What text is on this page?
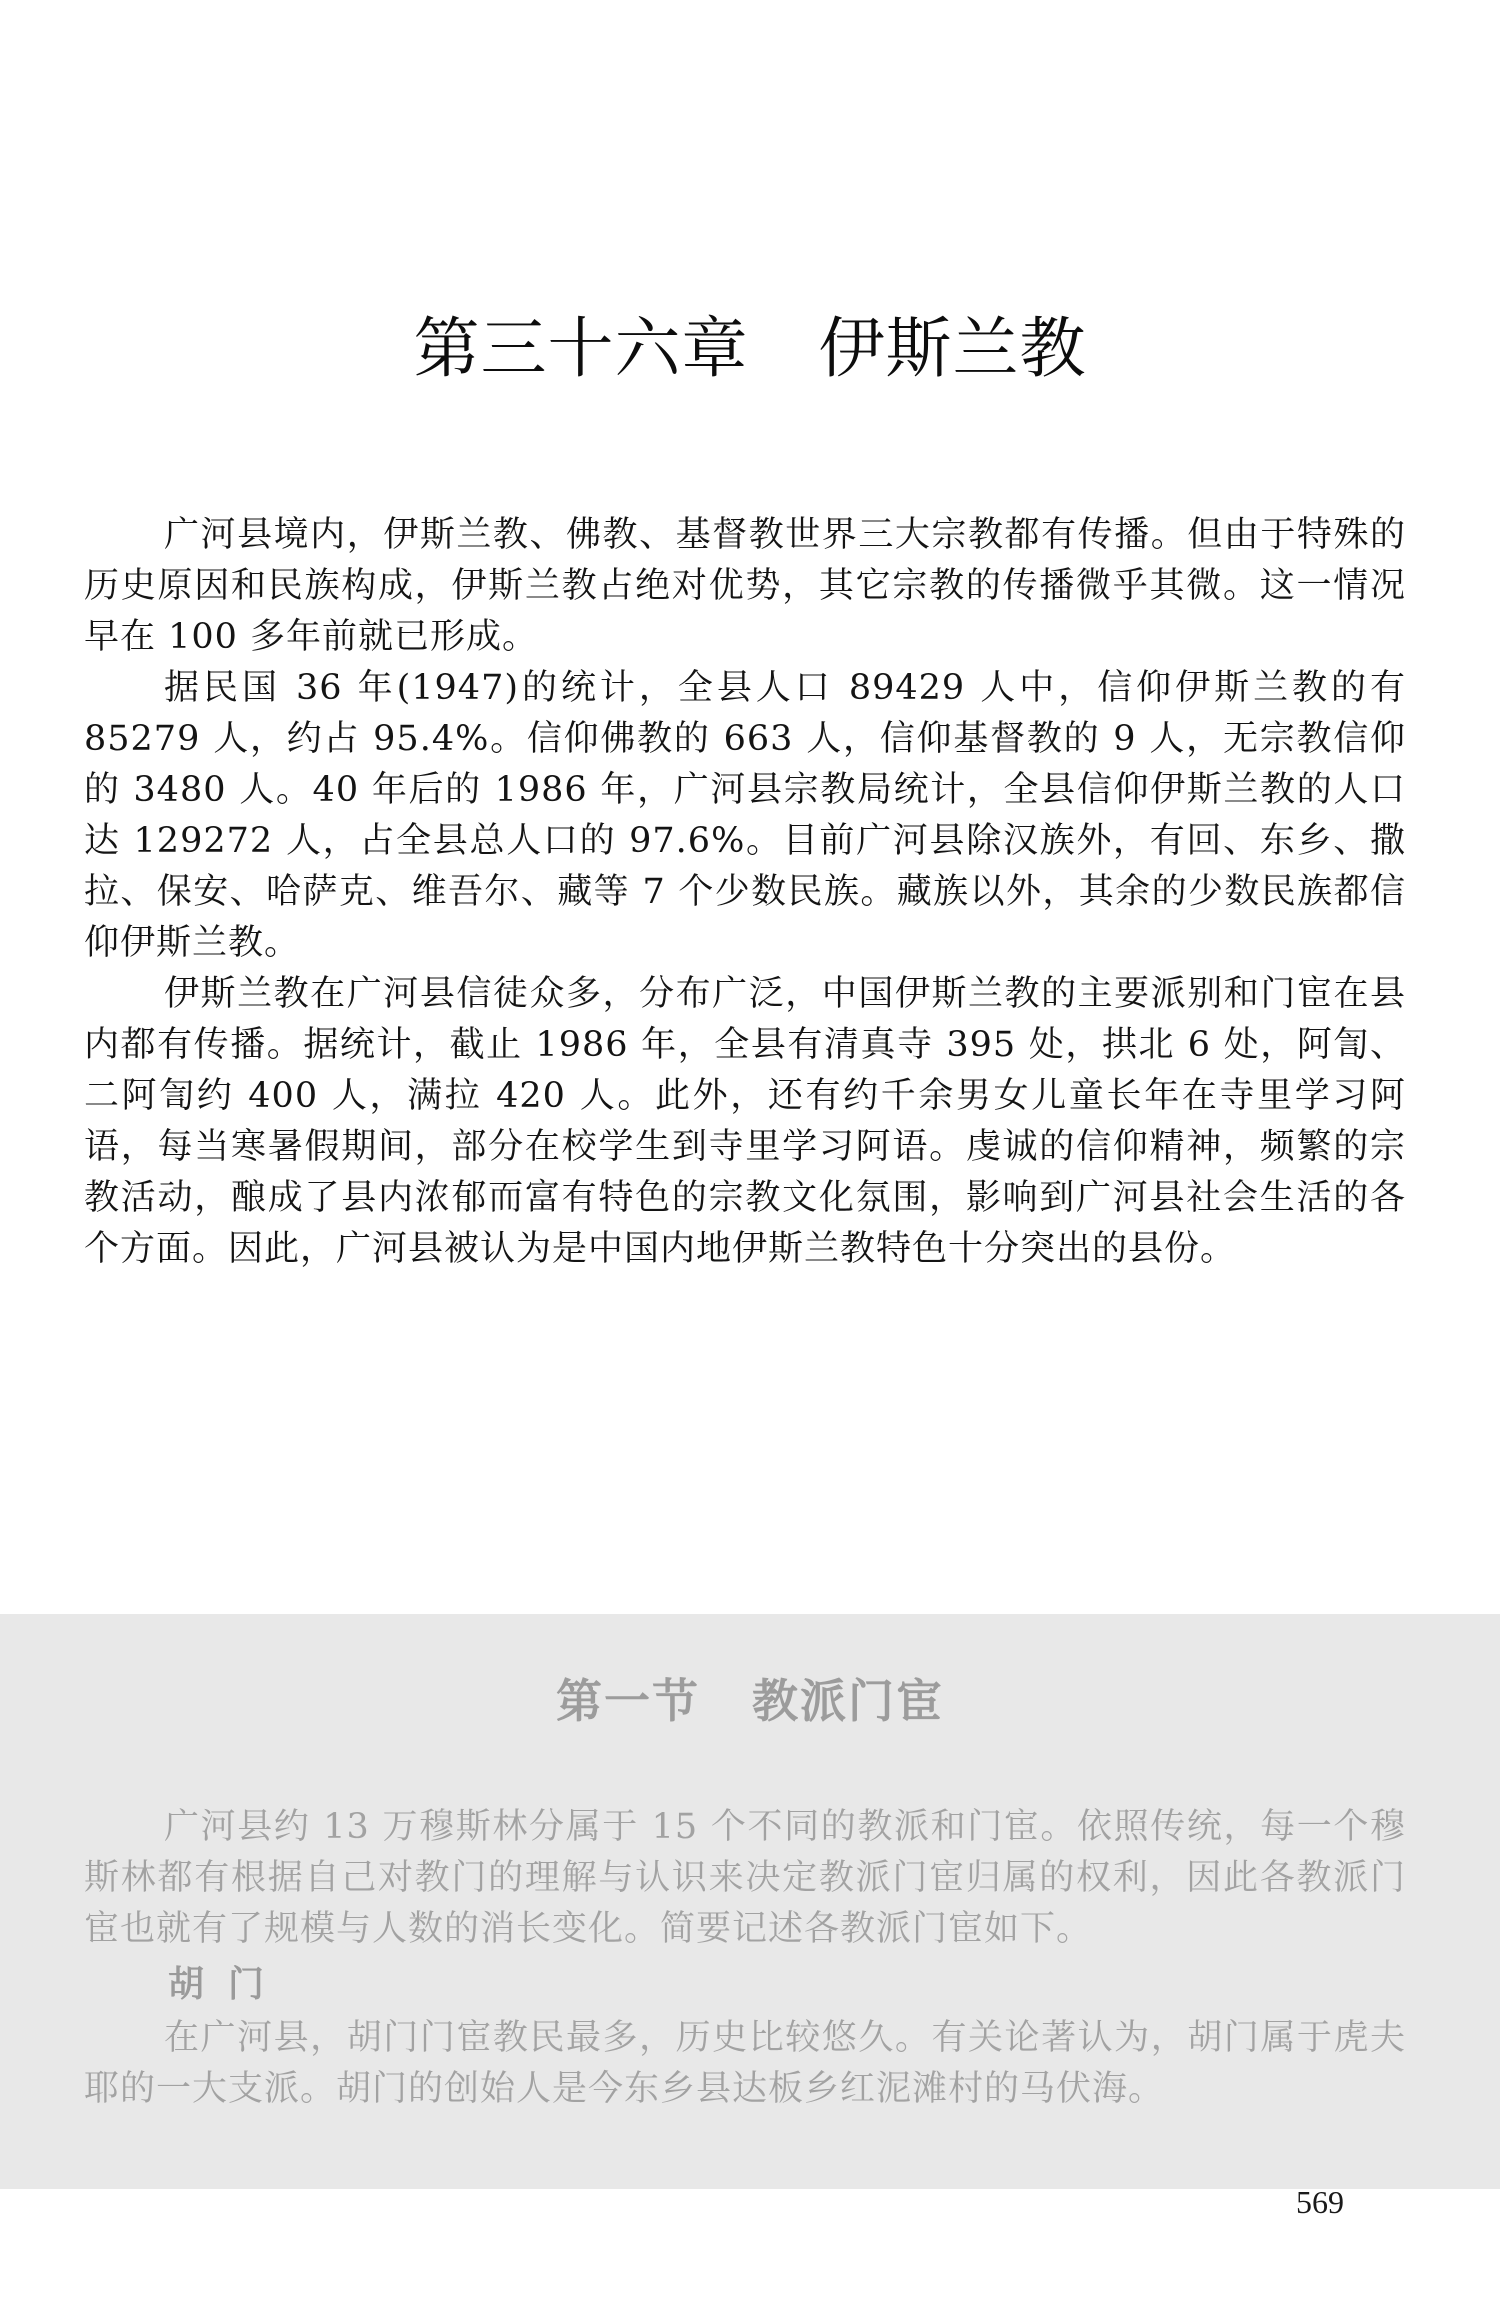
第三十六章 伊斯兰教

广河县境内，伊斯兰教、佛教、基督教世界三大宗教都有传播。但由于特殊的历史原因和民族构成，伊斯兰教占绝对优势，其它宗教的传播微乎其微。这一情况早在 100 多年前就已形成。

据民国 36 年(1947)的统计，全县人口 89429 人中，信仰伊斯兰教的有 85279 人，约占 95.4%。信仰佛教的 663 人，信仰基督教的 9 人，无宗教信仰的 3480 人。40 年后的 1986 年，广河县宗教局统计，全县信仰伊斯兰教的人口达 129272 人，占全县总人口的 97.6%。目前广河县除汉族外，有回、东乡、撒拉、保安、哈萨克、维吾尔、藏等 7 个少数民族。藏族以外，其余的少数民族都信仰伊斯兰教。

伊斯兰教在广河县信徒众多，分布广泛，中国伊斯兰教的主要派别和门宦在县内都有传播。据统计，截止 1986 年，全县有清真寺 395 处，拱北 6 处，阿訇、二阿訇约 400 人，满拉 420 人。此外，还有约千余男女儿童长年在寺里学习阿语，每当寒暑假期间，部分在校学生到寺里学习阿语。虔诚的信仰精神，频繁的宗教活动，酿成了县内浓郁而富有特色的宗教文化氛围，影响到广河县社会生活的各个方面。因此，广河县被认为是中国内地伊斯兰教特色十分突出的县份。

第一节 教派门宦

广河县约 13 万穆斯林分属于 15 个不同的教派和门宦。依照传统，每一个穆斯林都有根据自己对教门的理解与认识来决定教派门宦归属的权利，因此各教派门宦也就有了规模与人数的消长变化。简要记述各教派门宦如下。

胡门

在广河县，胡门门宦教民最多，历史比较悠久。有关论著认为，胡门属于虎夫耶的一大支派。胡门的创始人是今东乡县达板乡红泥滩村的马伏海。

569
